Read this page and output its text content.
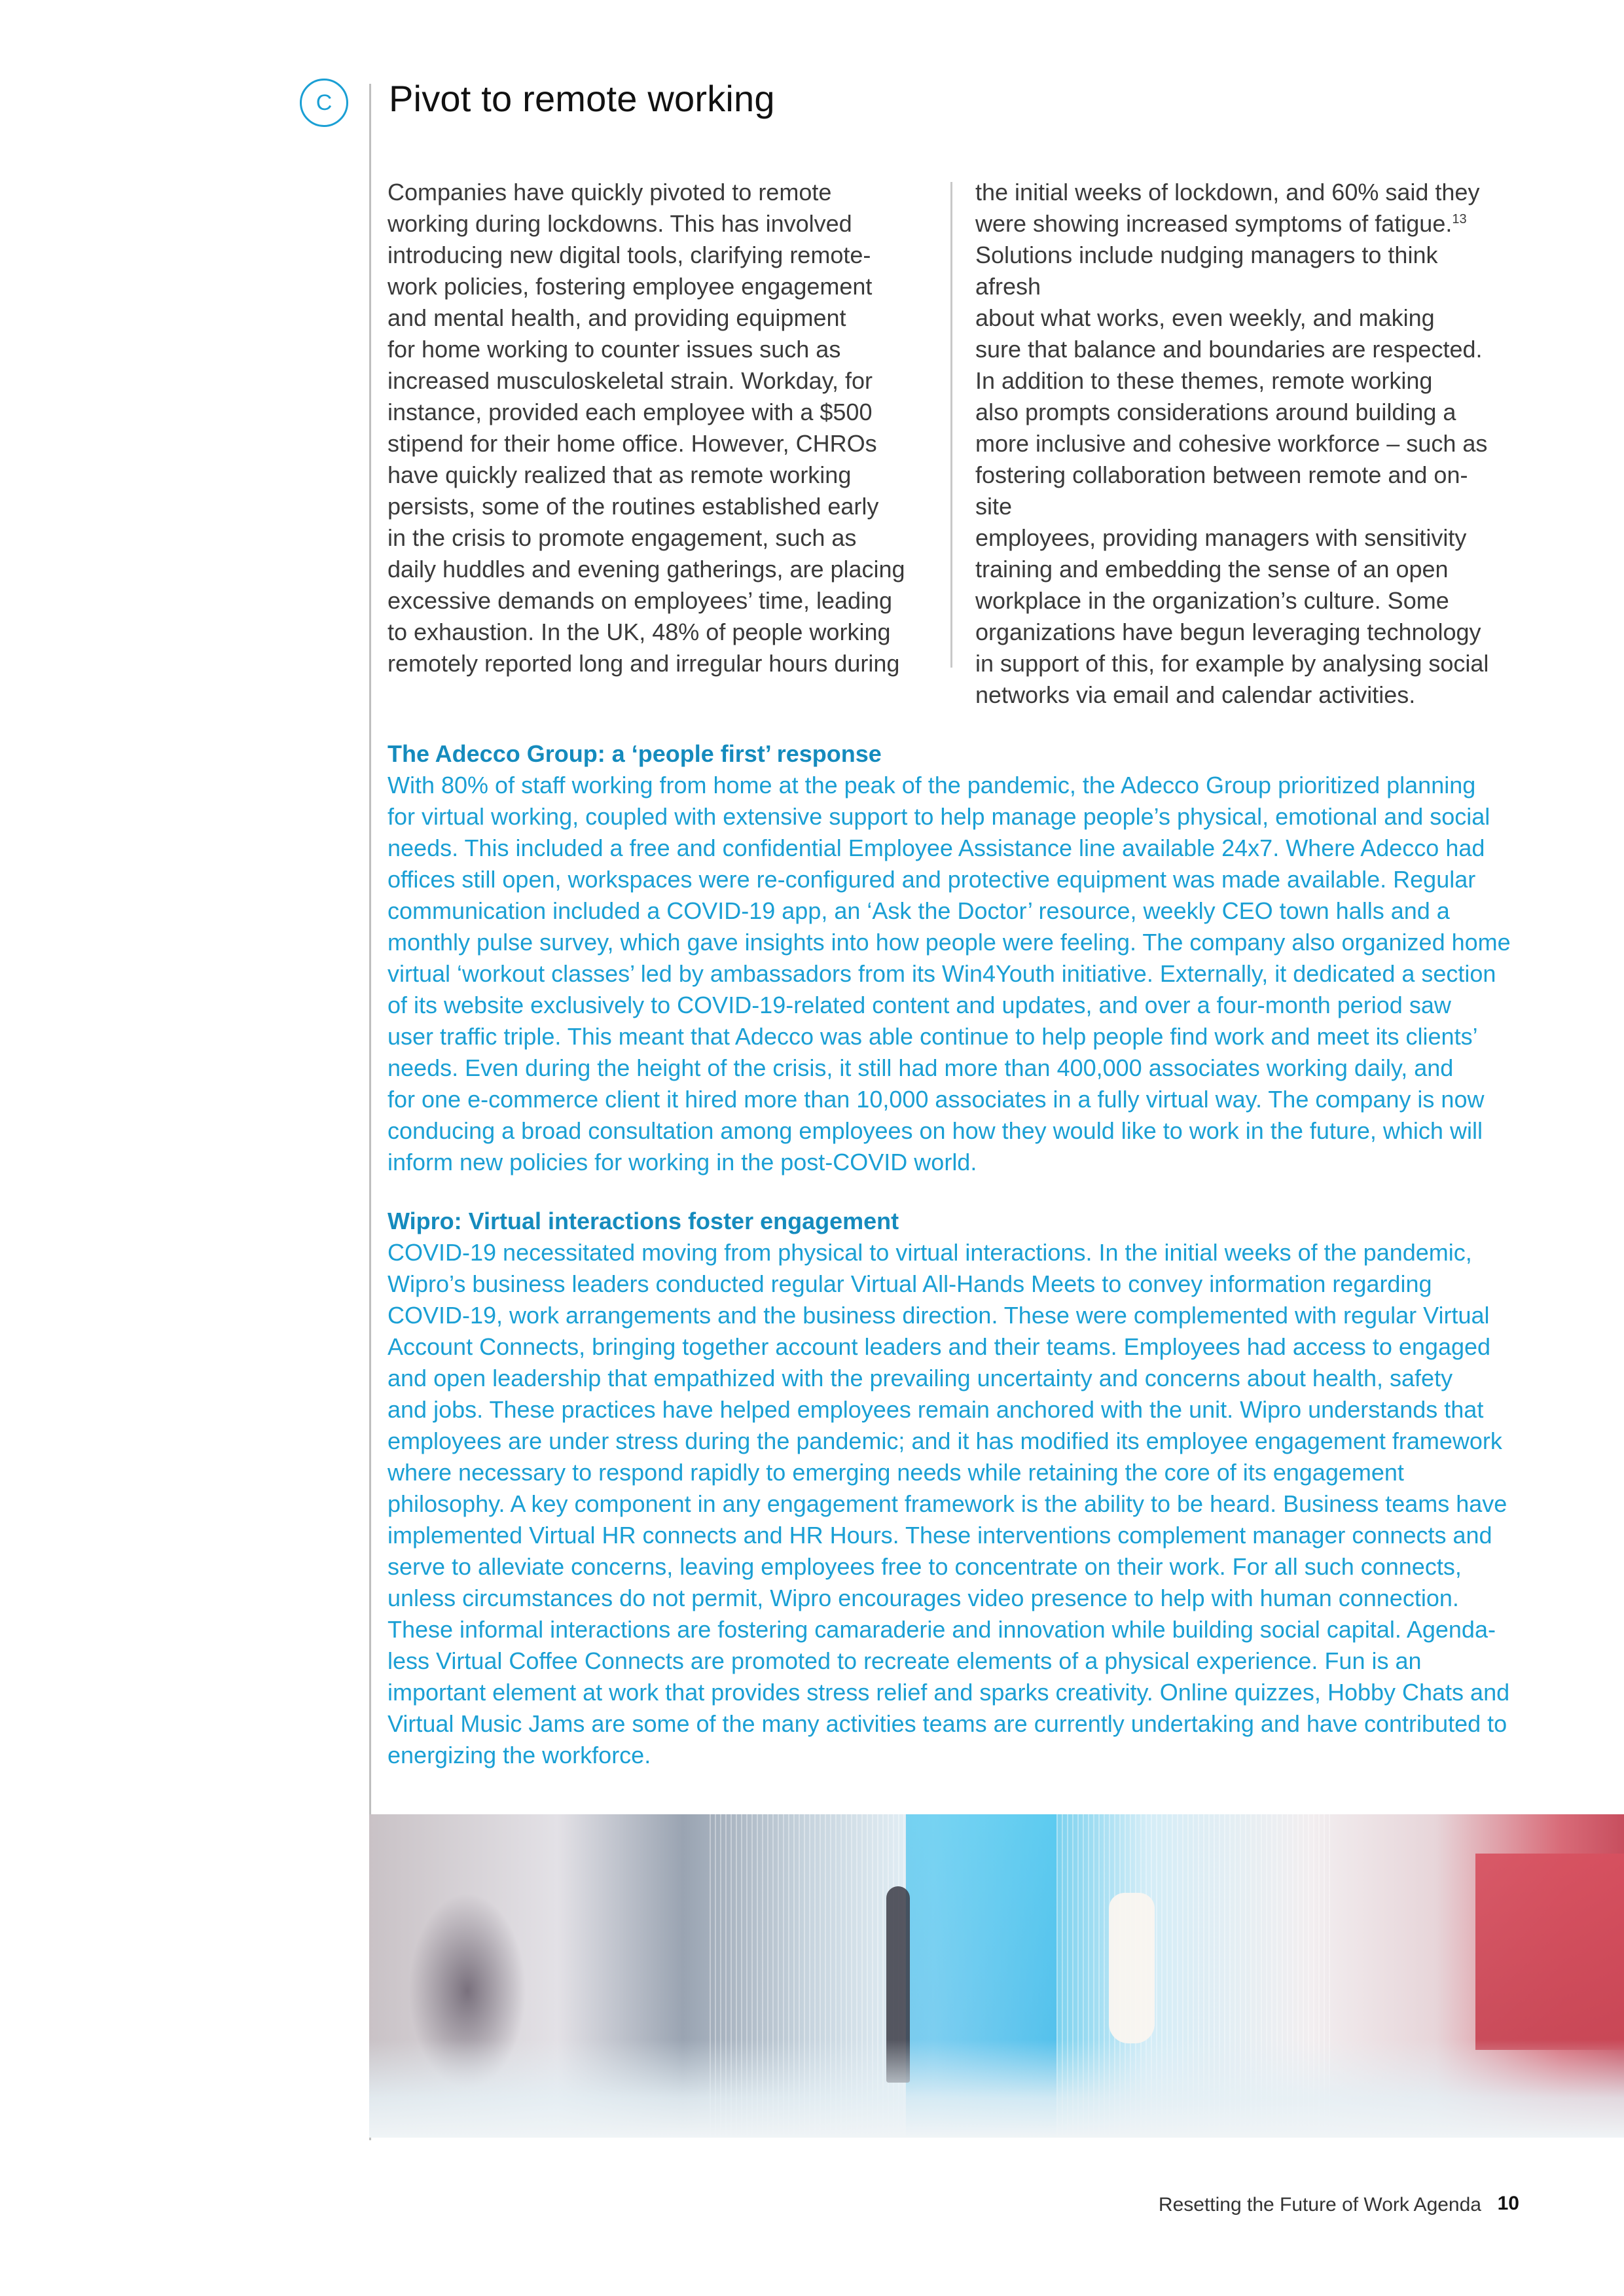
C Pivot to remote working

Companies have quickly pivoted to remote
working during lockdowns. This has involved
introducing new digital tools, clarifying remote-
work policies, fostering employee engagement
and mental health, and providing equipment
for home working to counter issues such as
increased musculoskeletal strain. Workday, for
instance, provided each employee with a $500
stipend for their home office. However, CHROs
have quickly realized that as remote working
persists, some of the routines established early
in the crisis to promote engagement, such as
daily huddles and evening gatherings, are placing
excessive demands on employees’ time, leading
to exhaustion. In the UK, 48% of people working
remotely reported long and irregular hours during

the initial weeks of lockdown, and 60% said they
were showing increased symptoms of fatigue.$^{13}$
Solutions include nudging managers to think afresh
about what works, even weekly, and making
sure that balance and boundaries are respected.
In addition to these themes, remote working
also prompts considerations around building a
more inclusive and cohesive workforce – such as
fostering collaboration between remote and on-site
employees, providing managers with sensitivity
training and embedding the sense of an open
workplace in the organization’s culture. Some
organizations have begun leveraging technology
in support of this, for example by analysing social
networks via email and calendar activities.

The Adecco Group: a ‘people first’ response
With 80% of staff working from home at the peak of the pandemic, the Adecco Group prioritized planning
for virtual working, coupled with extensive support to help manage people’s physical, emotional and social
needs. This included a free and confidential Employee Assistance line available 24x7. Where Adecco had
offices still open, workspaces were re-configured and protective equipment was made available. Regular
communication included a COVID-19 app, an ‘Ask the Doctor’ resource, weekly CEO town halls and a
monthly pulse survey, which gave insights into how people were feeling. The company also organized home
virtual ‘workout classes’ led by ambassadors from its Win4Youth initiative. Externally, it dedicated a section
of its website exclusively to COVID-19-related content and updates, and over a four-month period saw
user traffic triple. This meant that Adecco was able continue to help people find work and meet its clients’
needs. Even during the height of the crisis, it still had more than 400,000 associates working daily, and
for one e-commerce client it hired more than 10,000 associates in a fully virtual way. The company is now
conducing a broad consultation among employees on how they would like to work in the future, which will
inform new policies for working in the post-COVID world.
Wipro: Virtual interactions foster engagement
COVID-19 necessitated moving from physical to virtual interactions. In the initial weeks of the pandemic,
Wipro’s business leaders conducted regular Virtual All-Hands Meets to convey information regarding
COVID-19, work arrangements and the business direction. These were complemented with regular Virtual
Account Connects, bringing together account leaders and their teams. Employees had access to engaged
and open leadership that empathized with the prevailing uncertainty and concerns about health, safety
and jobs. These practices have helped employees remain anchored with the unit. Wipro understands that
employees are under stress during the pandemic; and it has modified its employee engagement framework
where necessary to respond rapidly to emerging needs while retaining the core of its engagement
philosophy. A key component in any engagement framework is the ability to be heard. Business teams have
implemented Virtual HR connects and HR Hours. These interventions complement manager connects and
serve to alleviate concerns, leaving employees free to concentrate on their work. For all such connects,
unless circumstances do not permit, Wipro encourages video presence to help with human connection.
These informal interactions are fostering camaraderie and innovation while building social capital. Agenda-
less Virtual Coffee Connects are promoted to recreate elements of a physical experience. Fun is an
important element at work that provides stress relief and sparks creativity. Online quizzes, Hobby Chats and
Virtual Music Jams are some of the many activities teams are currently undertaking and have contributed to
energizing the workforce.
Resetting the Future of Work Agenda 10
